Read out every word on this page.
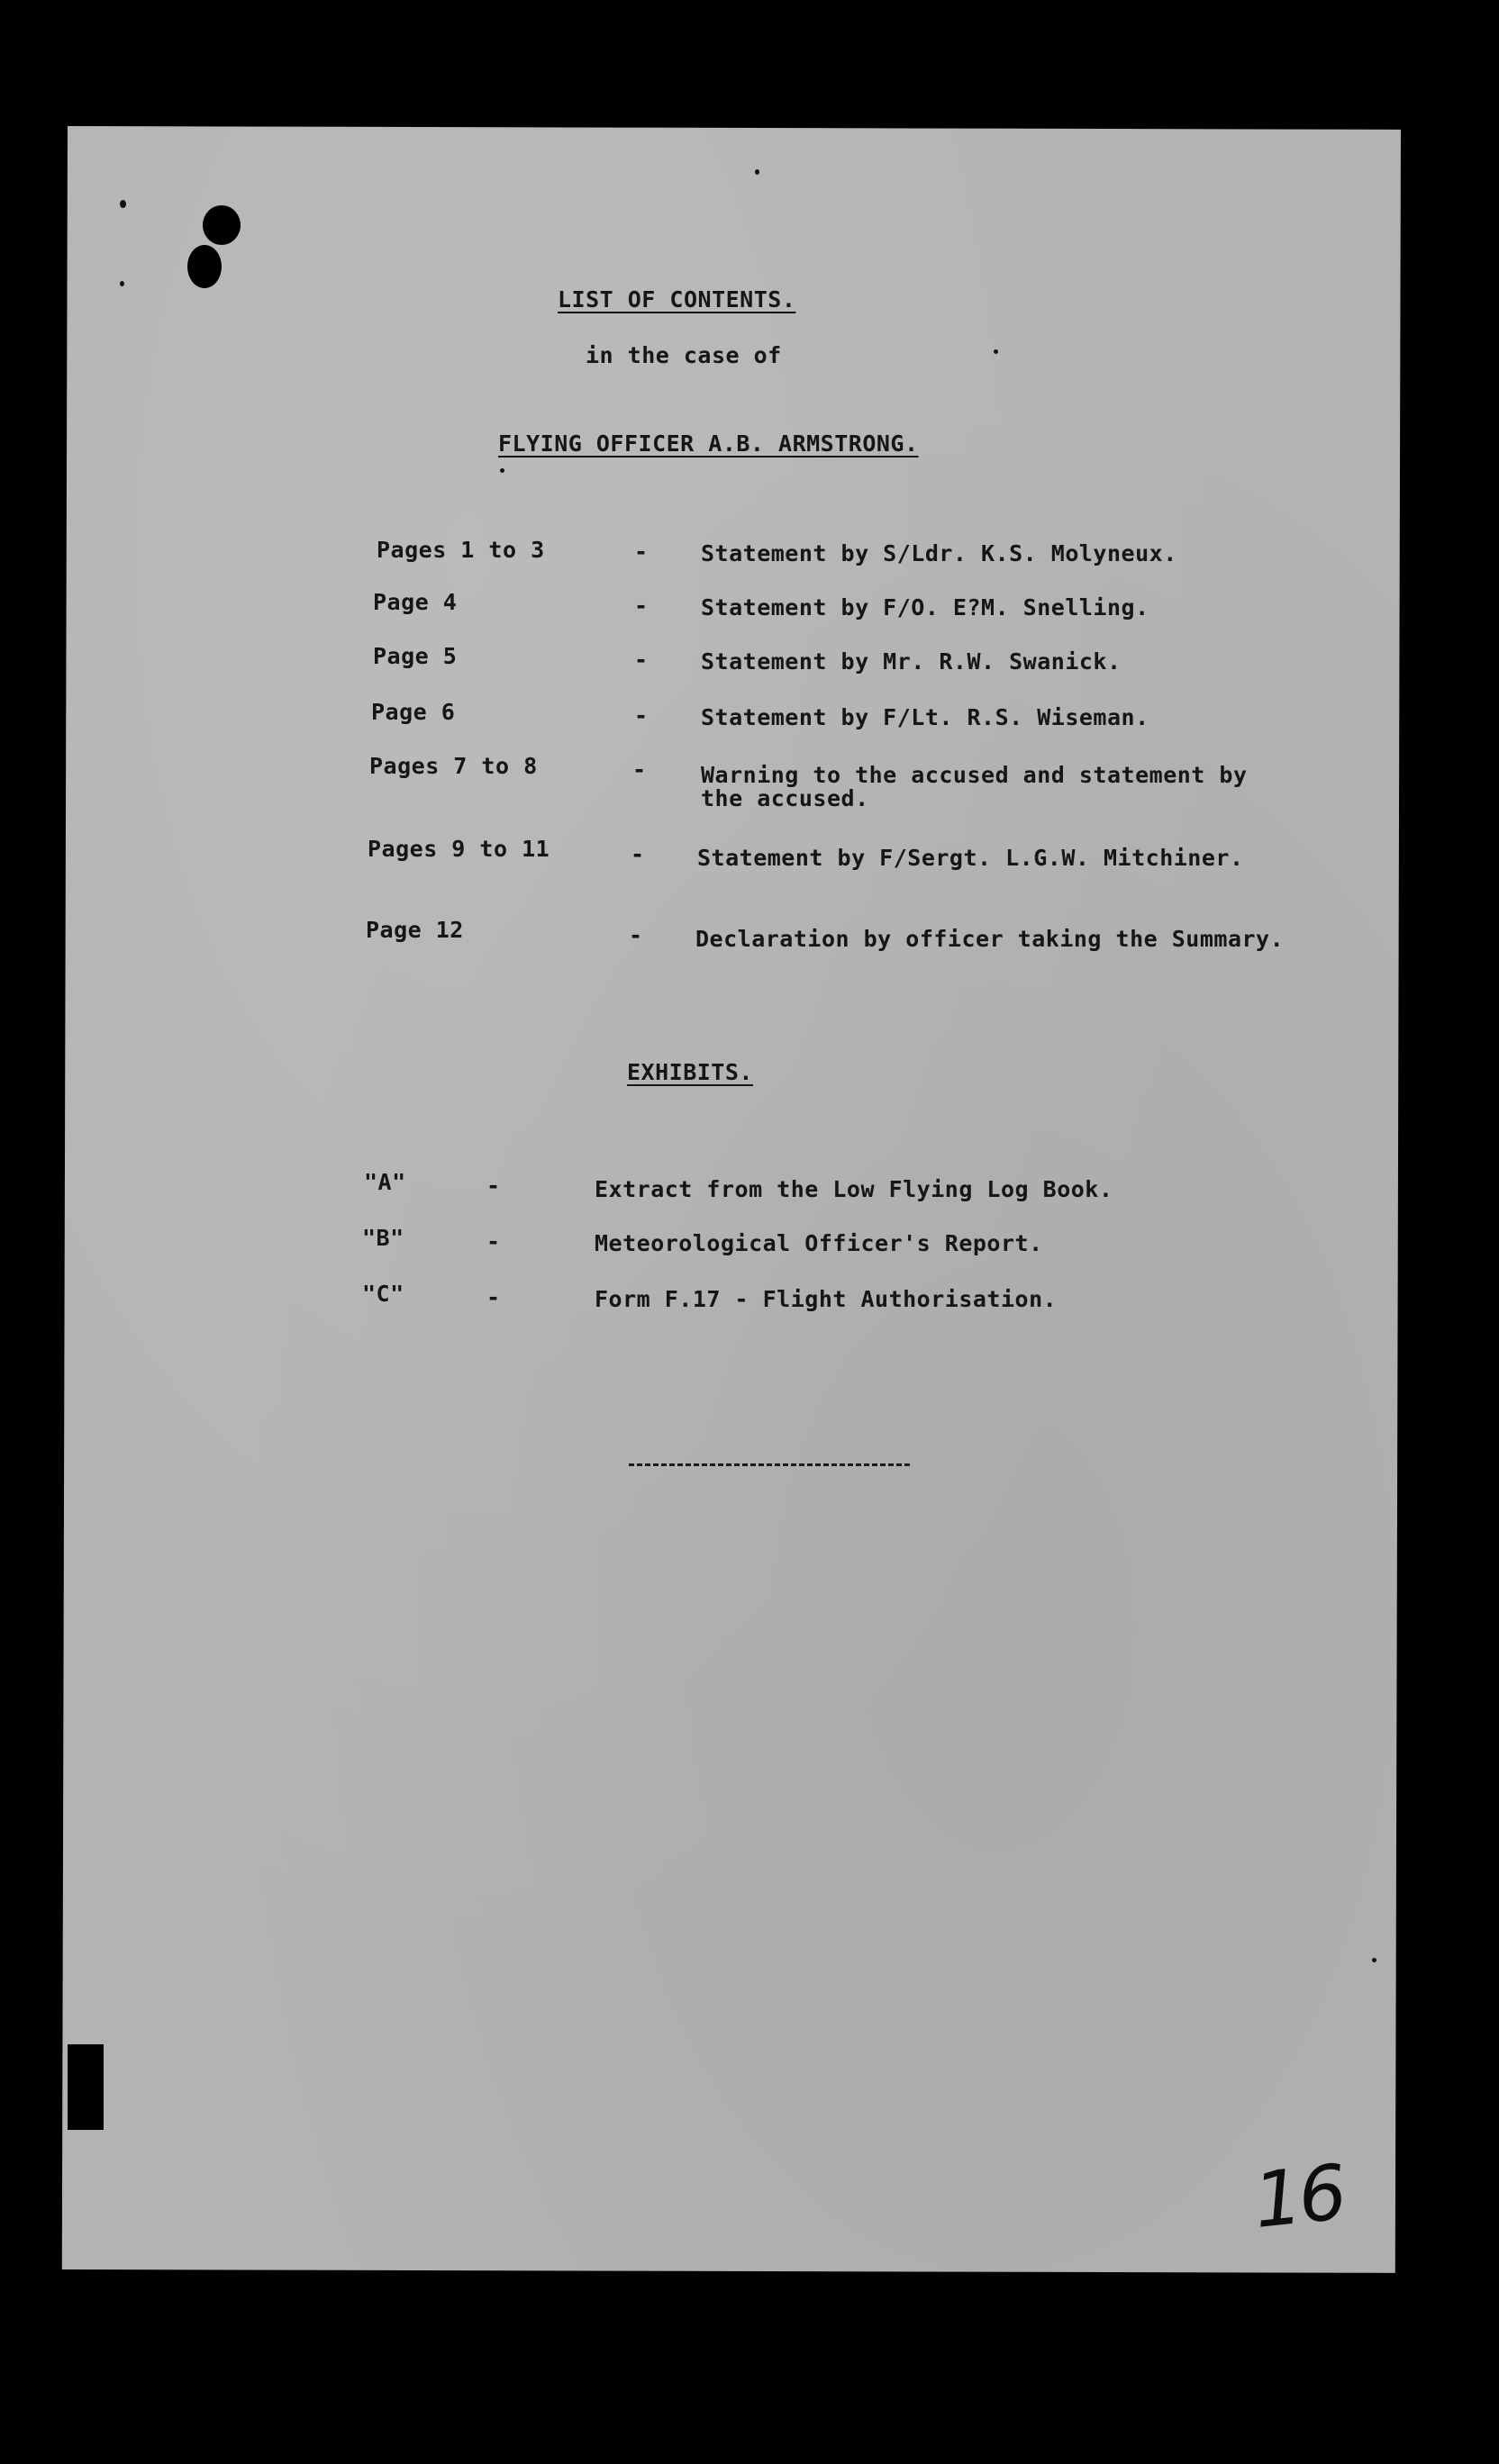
LIST OF CONTENTS.
in the case of
FLYING OFFICER A.B. ARMSTRONG.
Pages 1 to 3	- Statement by S/Ldr. K.S. Molyneux.
Page 4	- Statement by F/O. E?M. Snelling.
Page 5	- Statement by Mr. R.W. Swanick.
Page 6	- Statement by F/Lt. R.S. Wiseman.
Pages 7 to 8	- Warning to the accused and statement by
the accused.
Pages 9 to 11	- Statement by F/Sergt. L.G.W. Mitchiner.
Page 12	- Declaration by officer taking the Summary.
EXHIBITS.
"A"	-	Extract from the Low Flying Log Book.
"B"	-	Meteorological Officer's Report.
"C"	-	Form F.17 - Flight Authorisation.
16
